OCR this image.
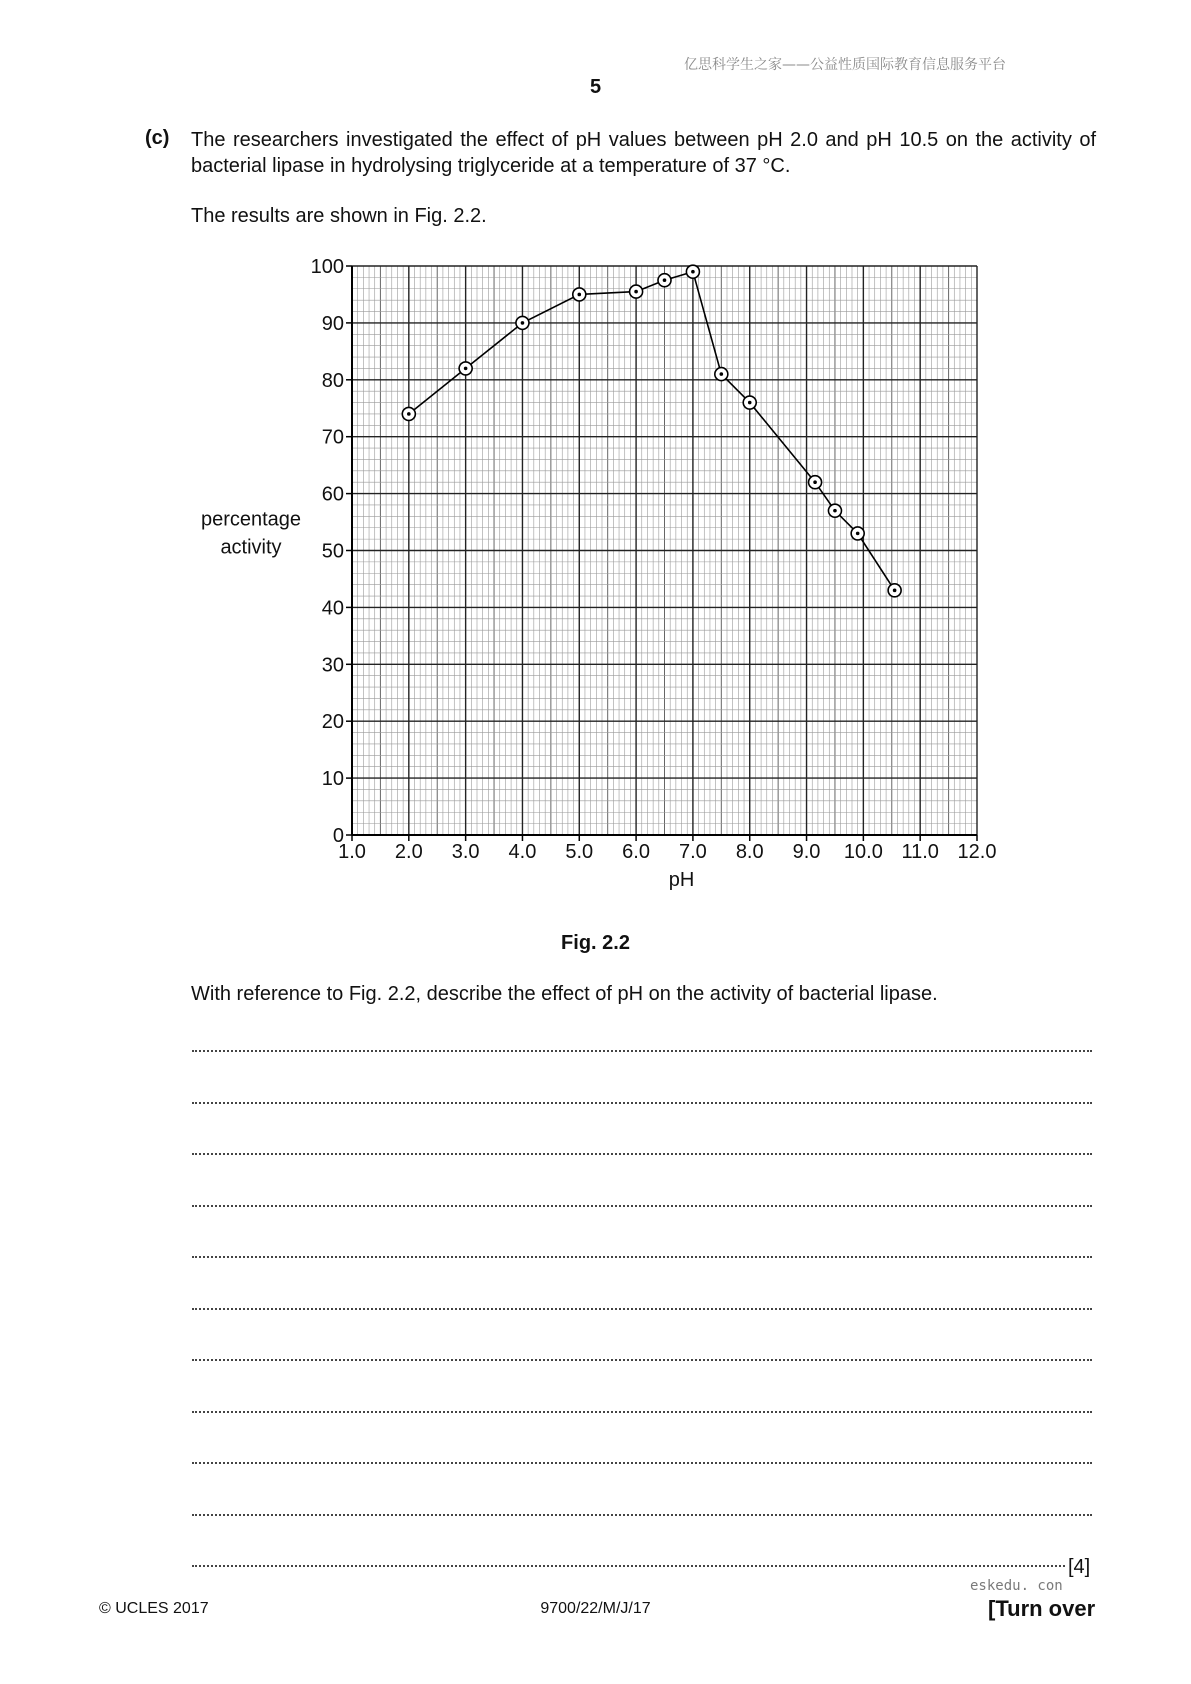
亿思科学生之家——公益性质国际教育信息服务平台
5
(c) The researchers investigated the effect of pH values between pH 2.0 and pH 10.5 on the activity of bacterial lipase in hydrolysing triglyceride at a temperature of 37 °C.
The results are shown in Fig. 2.2.
1.0 2.0 3.0 4.0 5.0 6.0 7.0 8.0 9.0 10.0 11.0 12.0
0
10
20
30
40
50
60
70
80
90
100
pH
percentage
activity
Fig. 2.2
With reference to Fig. 2.2, describe the effect of pH on the activity of bacterial lipase.
[4]
eskedu. con
© UCLES 2017	9700/22/M/J/17	[Turn over
